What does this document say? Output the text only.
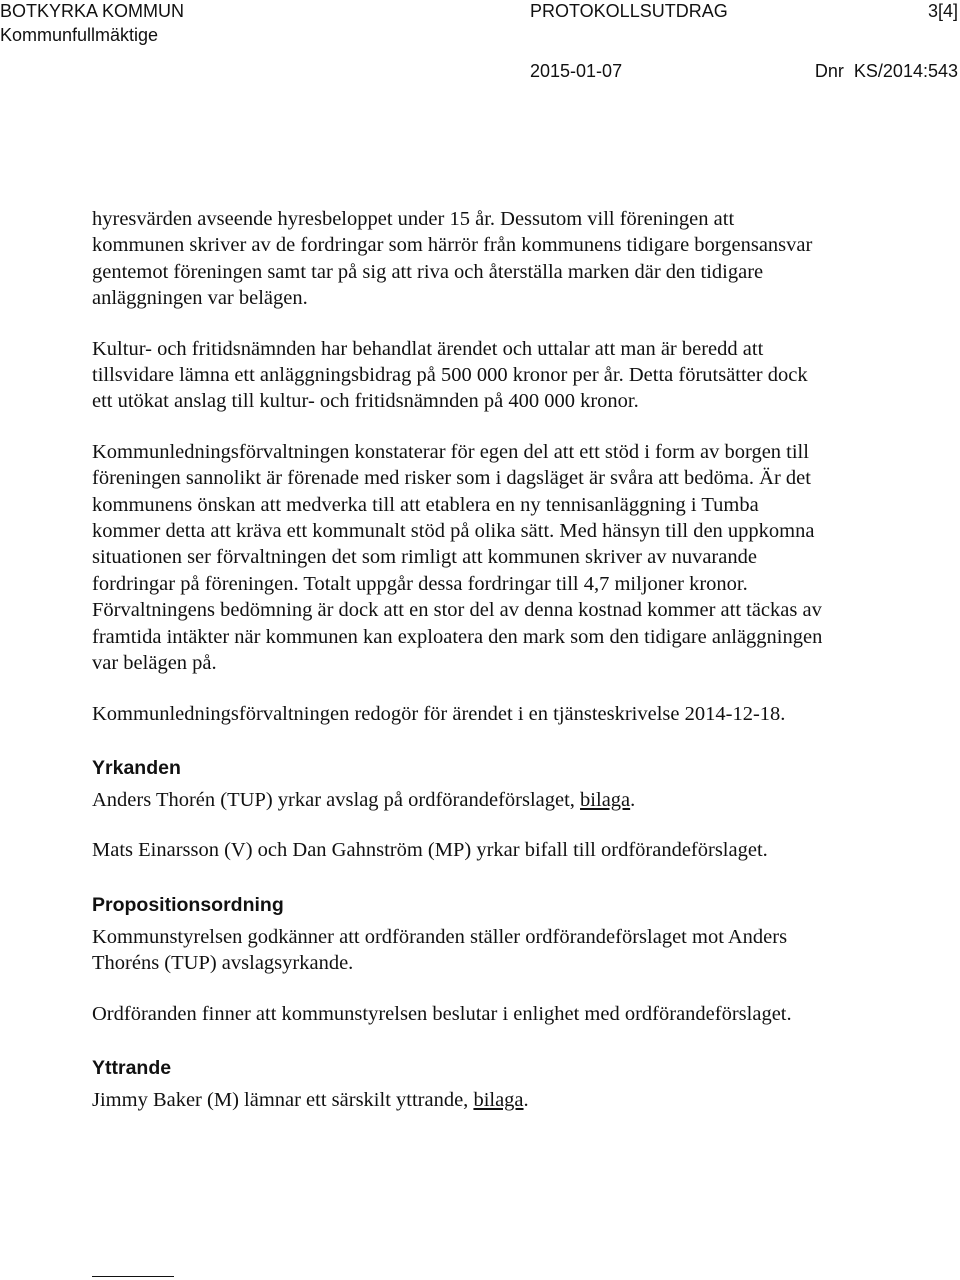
BOTKYRKA KOMMUN
Kommunfullmäktige
PROTOKOLLSUTDRAG	3[4]
2015-01-07	Dnr KS/2014:543

hyresvärden avseende hyresbeloppet under 15 år. Dessutom vill föreningen att kommunen skriver av de fordringar som härrör från kommunens tidigare borgensansvar gentemot föreningen samt tar på sig att riva och återställa marken där den tidigare anläggningen var belägen.

Kultur- och fritidsnämnden har behandlat ärendet och uttalar att man är beredd att tillsvidare lämna ett anläggningsbidrag på 500 000 kronor per år. Detta förutsätter dock ett utökat anslag till kultur- och fritidsnämnden på 400 000 kronor.

Kommunledningsförvaltningen konstaterar för egen del att ett stöd i form av borgen till föreningen sannolikt är förenade med risker som i dagsläget är svåra att bedöma. Är det kommunens önskan att medverka till att etablera en ny tennisanläggning i Tumba kommer detta att kräva ett kommunalt stöd på olika sätt. Med hänsyn till den uppkomna situationen ser förvaltningen det som rimligt att kommunen skriver av nuvarande fordringar på föreningen. Totalt uppgår dessa fordringar till 4,7 miljoner kronor. Förvaltningens bedömning är dock att en stor del av denna kostnad kommer att täckas av framtida intäkter när kommunen kan exploatera den mark som den tidigare anläggningen var belägen på.

Kommunledningsförvaltningen redogör för ärendet i en tjänsteskrivelse 2014-12-18.

Yrkanden

Anders Thorén (TUP) yrkar avslag på ordförandeförslaget, bilaga.

Mats Einarsson (V) och Dan Gahnström (MP) yrkar bifall till ordförandeförslaget.

Propositionsordning

Kommunstyrelsen godkänner att ordföranden ställer ordförandeförslaget mot Anders Thoréns (TUP) avslagsyrkande.

Ordföranden finner att kommunstyrelsen beslutar i enlighet med ordförandeförslaget.

Yttrande

Jimmy Baker (M) lämnar ett särskilt yttrande, bilaga.
